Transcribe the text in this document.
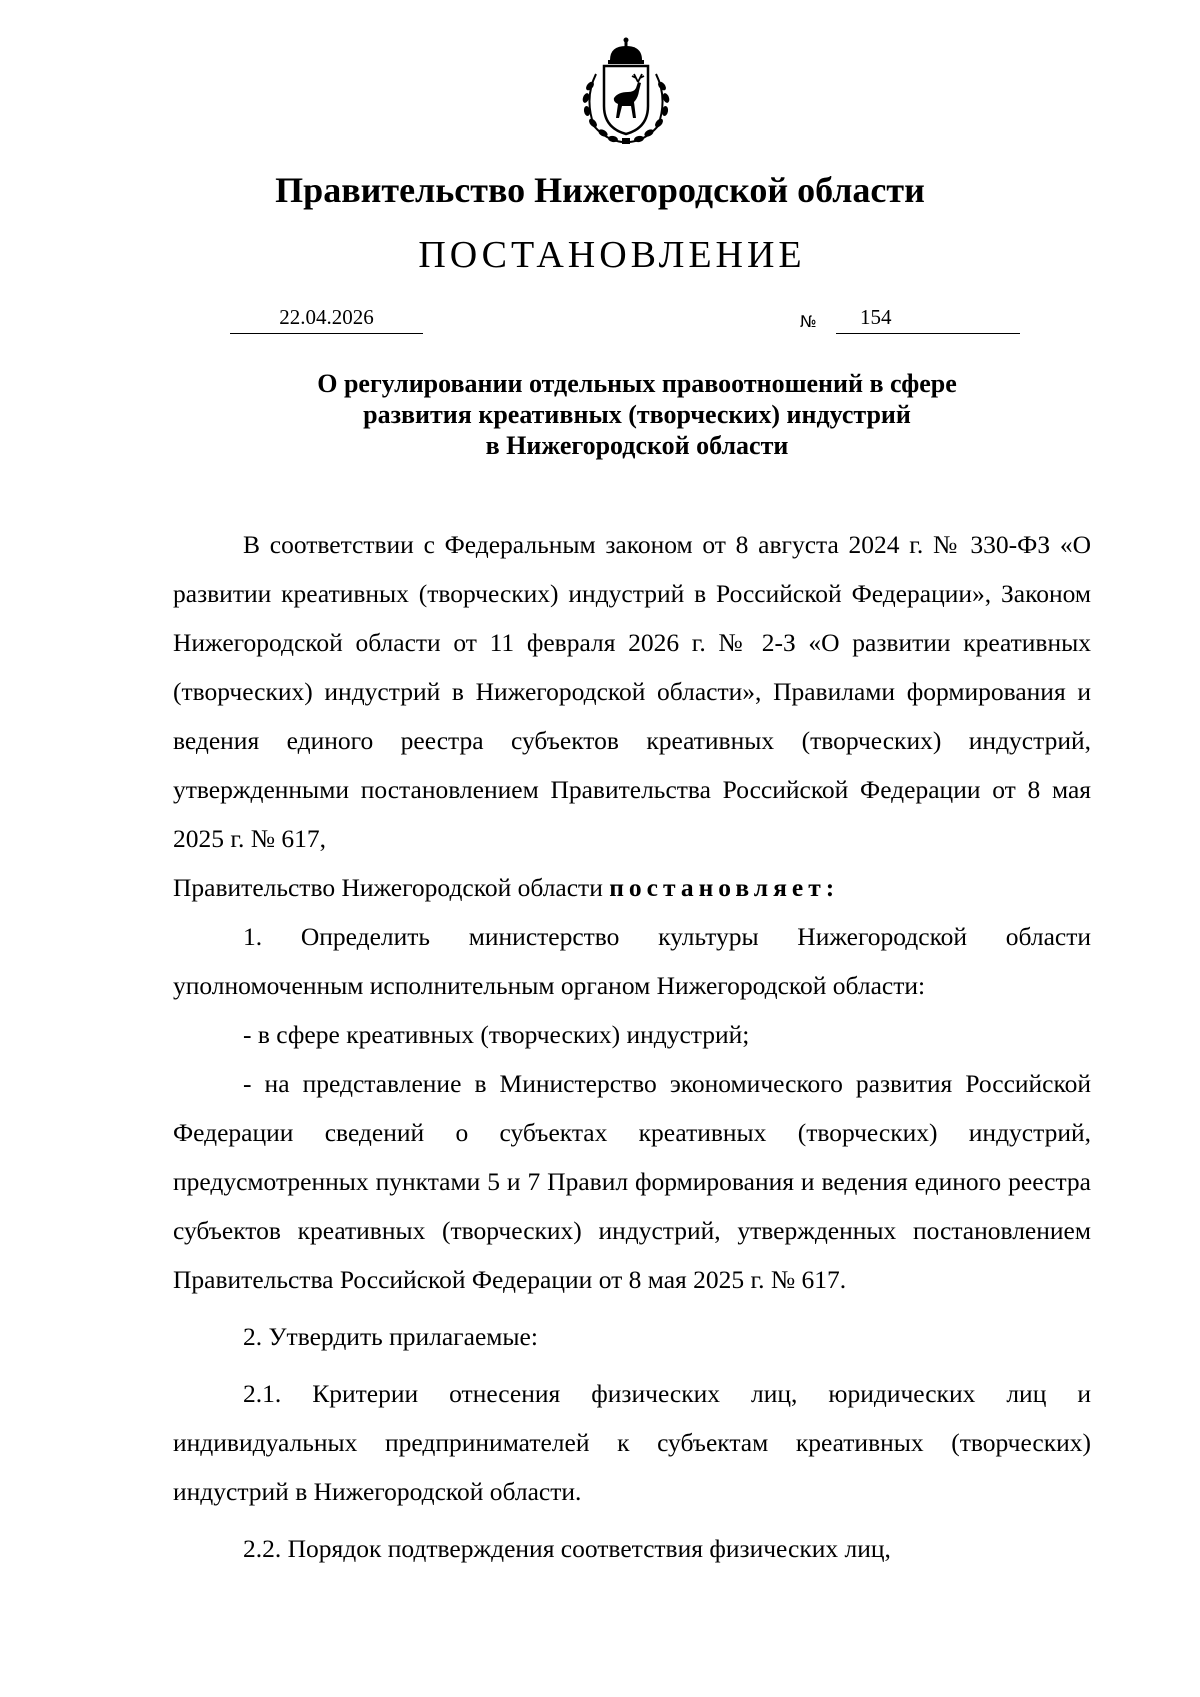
Правительство Нижегородской области
ПОСТАНОВЛЕНИЕ
22.04.2026	№ 154
О регулировании отдельных правоотношений в сфере
развития креативных (творческих) индустрий
в Нижегородской области

В соответствии с Федеральным законом от 8 августа 2024 г. № 330-ФЗ «О развитии креативных (творческих) индустрий в Российской Федерации», Законом Нижегородской области от 11 февраля 2026 г. № 2-З «О развитии креативных (творческих) индустрий в Нижегородской области», Правилами формирования и ведения единого реестра субъектов креативных (творческих) индустрий, утвержденными постановлением Правительства Российской Федерации от 8 мая 2025 г. № 617,
Правительство Нижегородской области постановляет:

1. Определить министерство культуры Нижегородской области уполномоченным исполнительным органом Нижегородской области:

- в сфере креативных (творческих) индустрий;

- на представление в Министерство экономического развития Российской Федерации сведений о субъектах креативных (творческих) индустрий, предусмотренных пунктами 5 и 7 Правил формирования и ведения единого реестра субъектов креативных (творческих) индустрий, утвержденных постановлением Правительства Российской Федерации от 8 мая 2025 г. № 617.

2. Утвердить прилагаемые:

2.1. Критерии отнесения физических лиц, юридических лиц и индивидуальных предпринимателей к субъектам креативных (творческих) индустрий в Нижегородской области.

2.2. Порядок подтверждения соответствия физических лиц,
